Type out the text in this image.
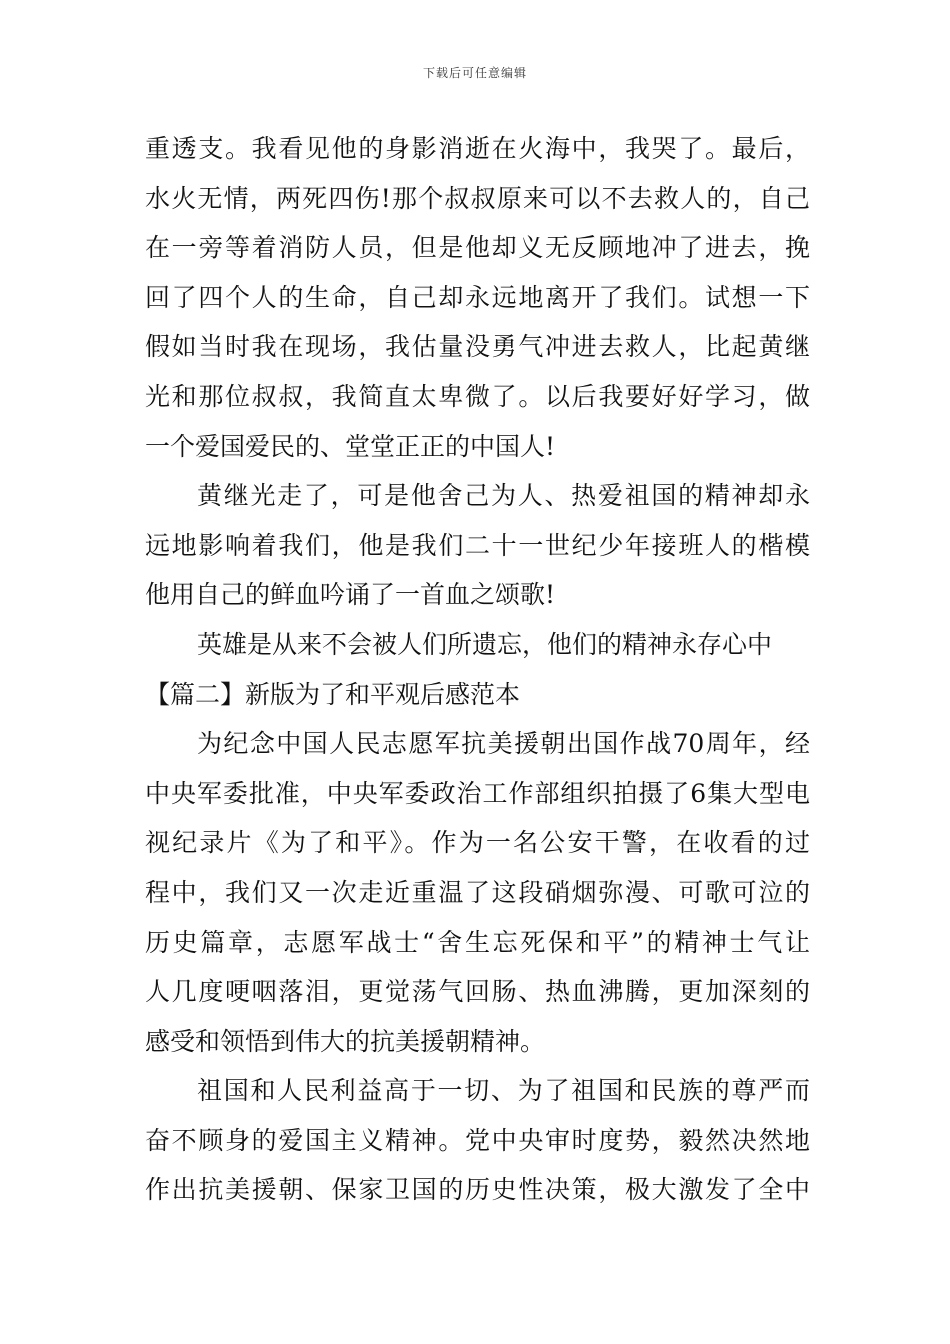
下载后可任意编辑
重透支。我看见他的身影消逝在火海中，我哭了。最后，
水火无情，两死四伤!那个叔叔原来可以不去救人的，自己
在一旁等着消防人员，但是他却义无反顾地冲了进去，挽
回了四个人的生命，自己却永远地离开了我们。试想一下
假如当时我在现场，我估量没勇气冲进去救人，比起黄继
光和那位叔叔，我简直太卑微了。以后我要好好学习，做
一个爱国爱民的、堂堂正正的中国人!
黄继光走了，可是他舍己为人、热爱祖国的精神却永
远地影响着我们，他是我们二十一世纪少年接班人的楷模
他用自己的鲜血吟诵了一首血之颂歌!
英雄是从来不会被人们所遗忘，他们的精神永存心中
【篇二】新版为了和平观后感范本
为纪念中国人民志愿军抗美援朝出国作战70周年，经
中央军委批准，中央军委政治工作部组织拍摄了6集大型电
视纪录片《为了和平》。作为一名公安干警，在收看的过
程中，我们又一次走近重温了这段硝烟弥漫、可歌可泣的
历史篇章，志愿军战士“舍生忘死保和平”的精神士气让
人几度哽咽落泪，更觉荡气回肠、热血沸腾，更加深刻的
感受和领悟到伟大的抗美援朝精神。
祖国和人民利益高于一切、为了祖国和民族的尊严而
奋不顾身的爱国主义精神。党中央审时度势，毅然决然地
作出抗美援朝、保家卫国的历史性决策，极大激发了全中
